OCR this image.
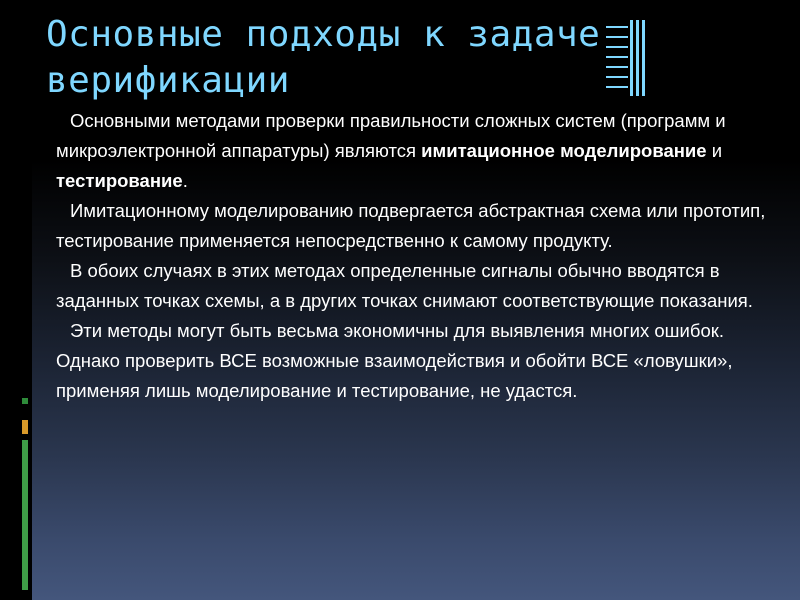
Основные подходы к задаче верификации

Основными методами проверки правильности сложных систем (программ и микроэлектронной аппаратуры) являются имитационное моделирование и тестирование.

Имитационному моделированию подвергается абстрактная схема или прототип, тестирование применяется непосредственно к самому продукту.

В обоих случаях в этих методах определенные сигналы обычно вводятся в заданных точках схемы, а в других точках снимают соответствующие показания.

Эти методы могут быть весьма экономичны для выявления многих ошибок. Однако проверить ВСЕ возможные взаимодействия и обойти ВСЕ «ловушки», применяя лишь моделирование и тестирование, не удастся.
